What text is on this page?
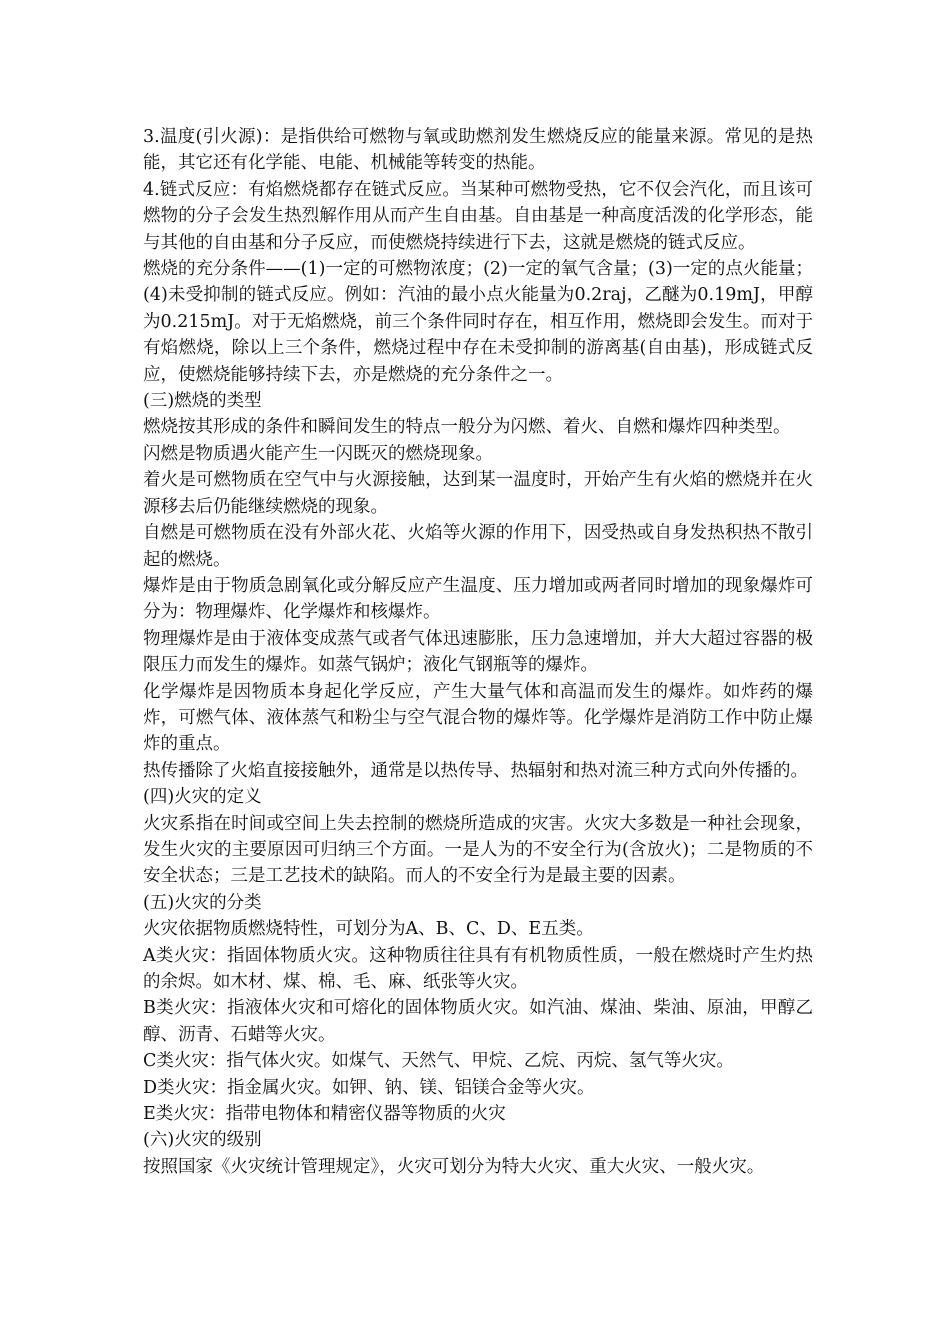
3.温度(引火源)：是指供给可燃物与氧或助燃剂发生燃烧反应的能量来源。常见的是热能，其它还有化学能、电能、机械能等转变的热能。

4.链式反应：有焰燃烧都存在链式反应。当某种可燃物受热，它不仅会汽化，而且该可燃物的分子会发生热烈解作用从而产生自由基。自由基是一种高度活泼的化学形态，能与其他的自由基和分子反应，而使燃烧持续进行下去，这就是燃烧的链式反应。

燃烧的充分条件——(1)一定的可燃物浓度；(2)一定的氧气含量；(3)一定的点火能量；(4)未受抑制的链式反应。例如：汽油的最小点火能量为0.2raj，乙醚为0.19mJ，甲醇为0.215mJ。对于无焰燃烧，前三个条件同时存在，相互作用，燃烧即会发生。而对于有焰燃烧，除以上三个条件，燃烧过程中存在未受抑制的游离基(自由基)，形成链式反应，使燃烧能够持续下去，亦是燃烧的充分条件之一。

(三)燃烧的类型

燃烧按其形成的条件和瞬间发生的特点一般分为闪燃、着火、自燃和爆炸四种类型。

闪燃是物质遇火能产生一闪既灭的燃烧现象。

着火是可燃物质在空气中与火源接触，达到某一温度时，开始产生有火焰的燃烧并在火源移去后仍能继续燃烧的现象。

自燃是可燃物质在没有外部火花、火焰等火源的作用下，因受热或自身发热积热不散引起的燃烧。

爆炸是由于物质急剧氧化或分解反应产生温度、压力增加或两者同时增加的现象爆炸可分为：物理爆炸、化学爆炸和核爆炸。

物理爆炸是由于液体变成蒸气或者气体迅速膨胀，压力急速增加，并大大超过容器的极限压力而发生的爆炸。如蒸气锅炉；液化气钢瓶等的爆炸。

化学爆炸是因物质本身起化学反应，产生大量气体和高温而发生的爆炸。如炸药的爆炸，可燃气体、液体蒸气和粉尘与空气混合物的爆炸等。化学爆炸是消防工作中防止爆炸的重点。

热传播除了火焰直接接触外，通常是以热传导、热辐射和热对流三种方式向外传播的。

(四)火灾的定义

火灾系指在时间或空间上失去控制的燃烧所造成的灾害。火灾大多数是一种社会现象，发生火灾的主要原因可归纳三个方面。一是人为的不安全行为(含放火)；二是物质的不安全状态；三是工艺技术的缺陷。而人的不安全行为是最主要的因素。

(五)火灾的分类

火灾依据物质燃烧特性，可划分为A、B、C、D、E五类。

A类火灾：指固体物质火灾。这种物质往往具有有机物质性质，一般在燃烧时产生灼热的余烬。如木材、煤、棉、毛、麻、纸张等火灾。

B类火灾：指液体火灾和可熔化的固体物质火灾。如汽油、煤油、柴油、原油，甲醇乙醇、沥青、石蜡等火灾。

C类火灾：指气体火灾。如煤气、天然气、甲烷、乙烷、丙烷、氢气等火灾。

D类火灾：指金属火灾。如钾、钠、镁、铝镁合金等火灾。

E类火灾：指带电物体和精密仪器等物质的火灾

(六)火灾的级别

按照国家《火灾统计管理规定》，火灾可划分为特大火灾、重大火灾、一般火灾。
